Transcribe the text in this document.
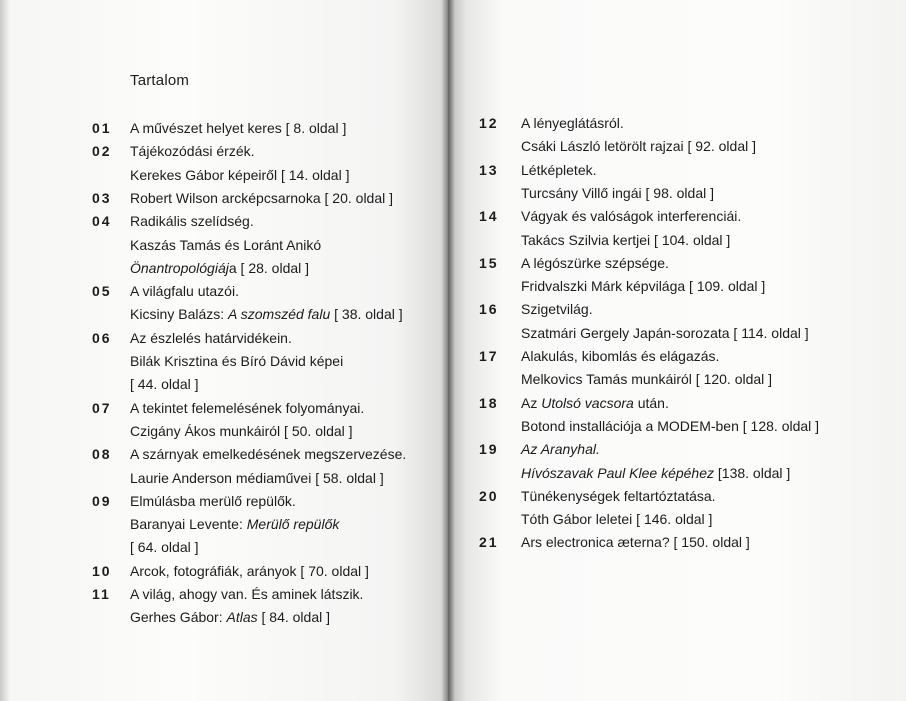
Tartalom
01 A művészet helyet keres [ 8. oldal ]
02 Tájékozódási érzék.
Kerekes Gábor képeiről [ 14. oldal ]
03 Robert Wilson arcképcsarnoka [ 20. oldal ]
04 Radikális szelídség.
Kaszás Tamás és Loránt Anikó
Önantropológiája [ 28. oldal ]
05 A világfalu utazói.
Kicsiny Balázs: A szomszéd falu [ 38. oldal ]
06 Az észlelés határvidékein.
Bilák Krisztina és Bíró Dávid képei
[ 44. oldal ]
07 A tekintet felemelésének folyományai.
Czigány Ákos munkáiról [ 50. oldal ]
08 A szárnyak emelkedésének megszervezése.
Laurie Anderson médiaművei [ 58. oldal ]
09 Elmúlásba merülő repülők.
Baranyai Levente: Merülő repülők
[ 64. oldal ]
10 Arcok, fotográfiák, arányok [ 70. oldal ]
11 A világ, ahogy van. És aminek látszik.
Gerhes Gábor: Atlas [ 84. oldal ]
12 A lényeglátásról.
Csáki László letörölt rajzai [ 92. oldal ]
13 Létképletek.
Turcsány Villő ingái [ 98. oldal ]
14 Vágyak és valóságok interferenciái.
Takács Szilvia kertjei [ 104. oldal ]
15 A légószürke szépsége.
Fridvalszki Márk képvilága [ 109. oldal ]
16 Szigetvilág.
Szatmári Gergely Japán-sorozata [ 114. oldal ]
17 Alakulás, kibomlás és elágazás.
Melkovics Tamás munkáiról [ 120. oldal ]
18 Az Utolsó vacsora után.
Botond installációja a MODEM-ben [ 128. oldal ]
19 Az Aranyhal.
Hívószavak Paul Klee képéhez [138. oldal ]
20 Tünékenységek feltartóztatása.
Tóth Gábor leletei [ 146. oldal ]
21 Ars electronica æterna? [ 150. oldal ]
